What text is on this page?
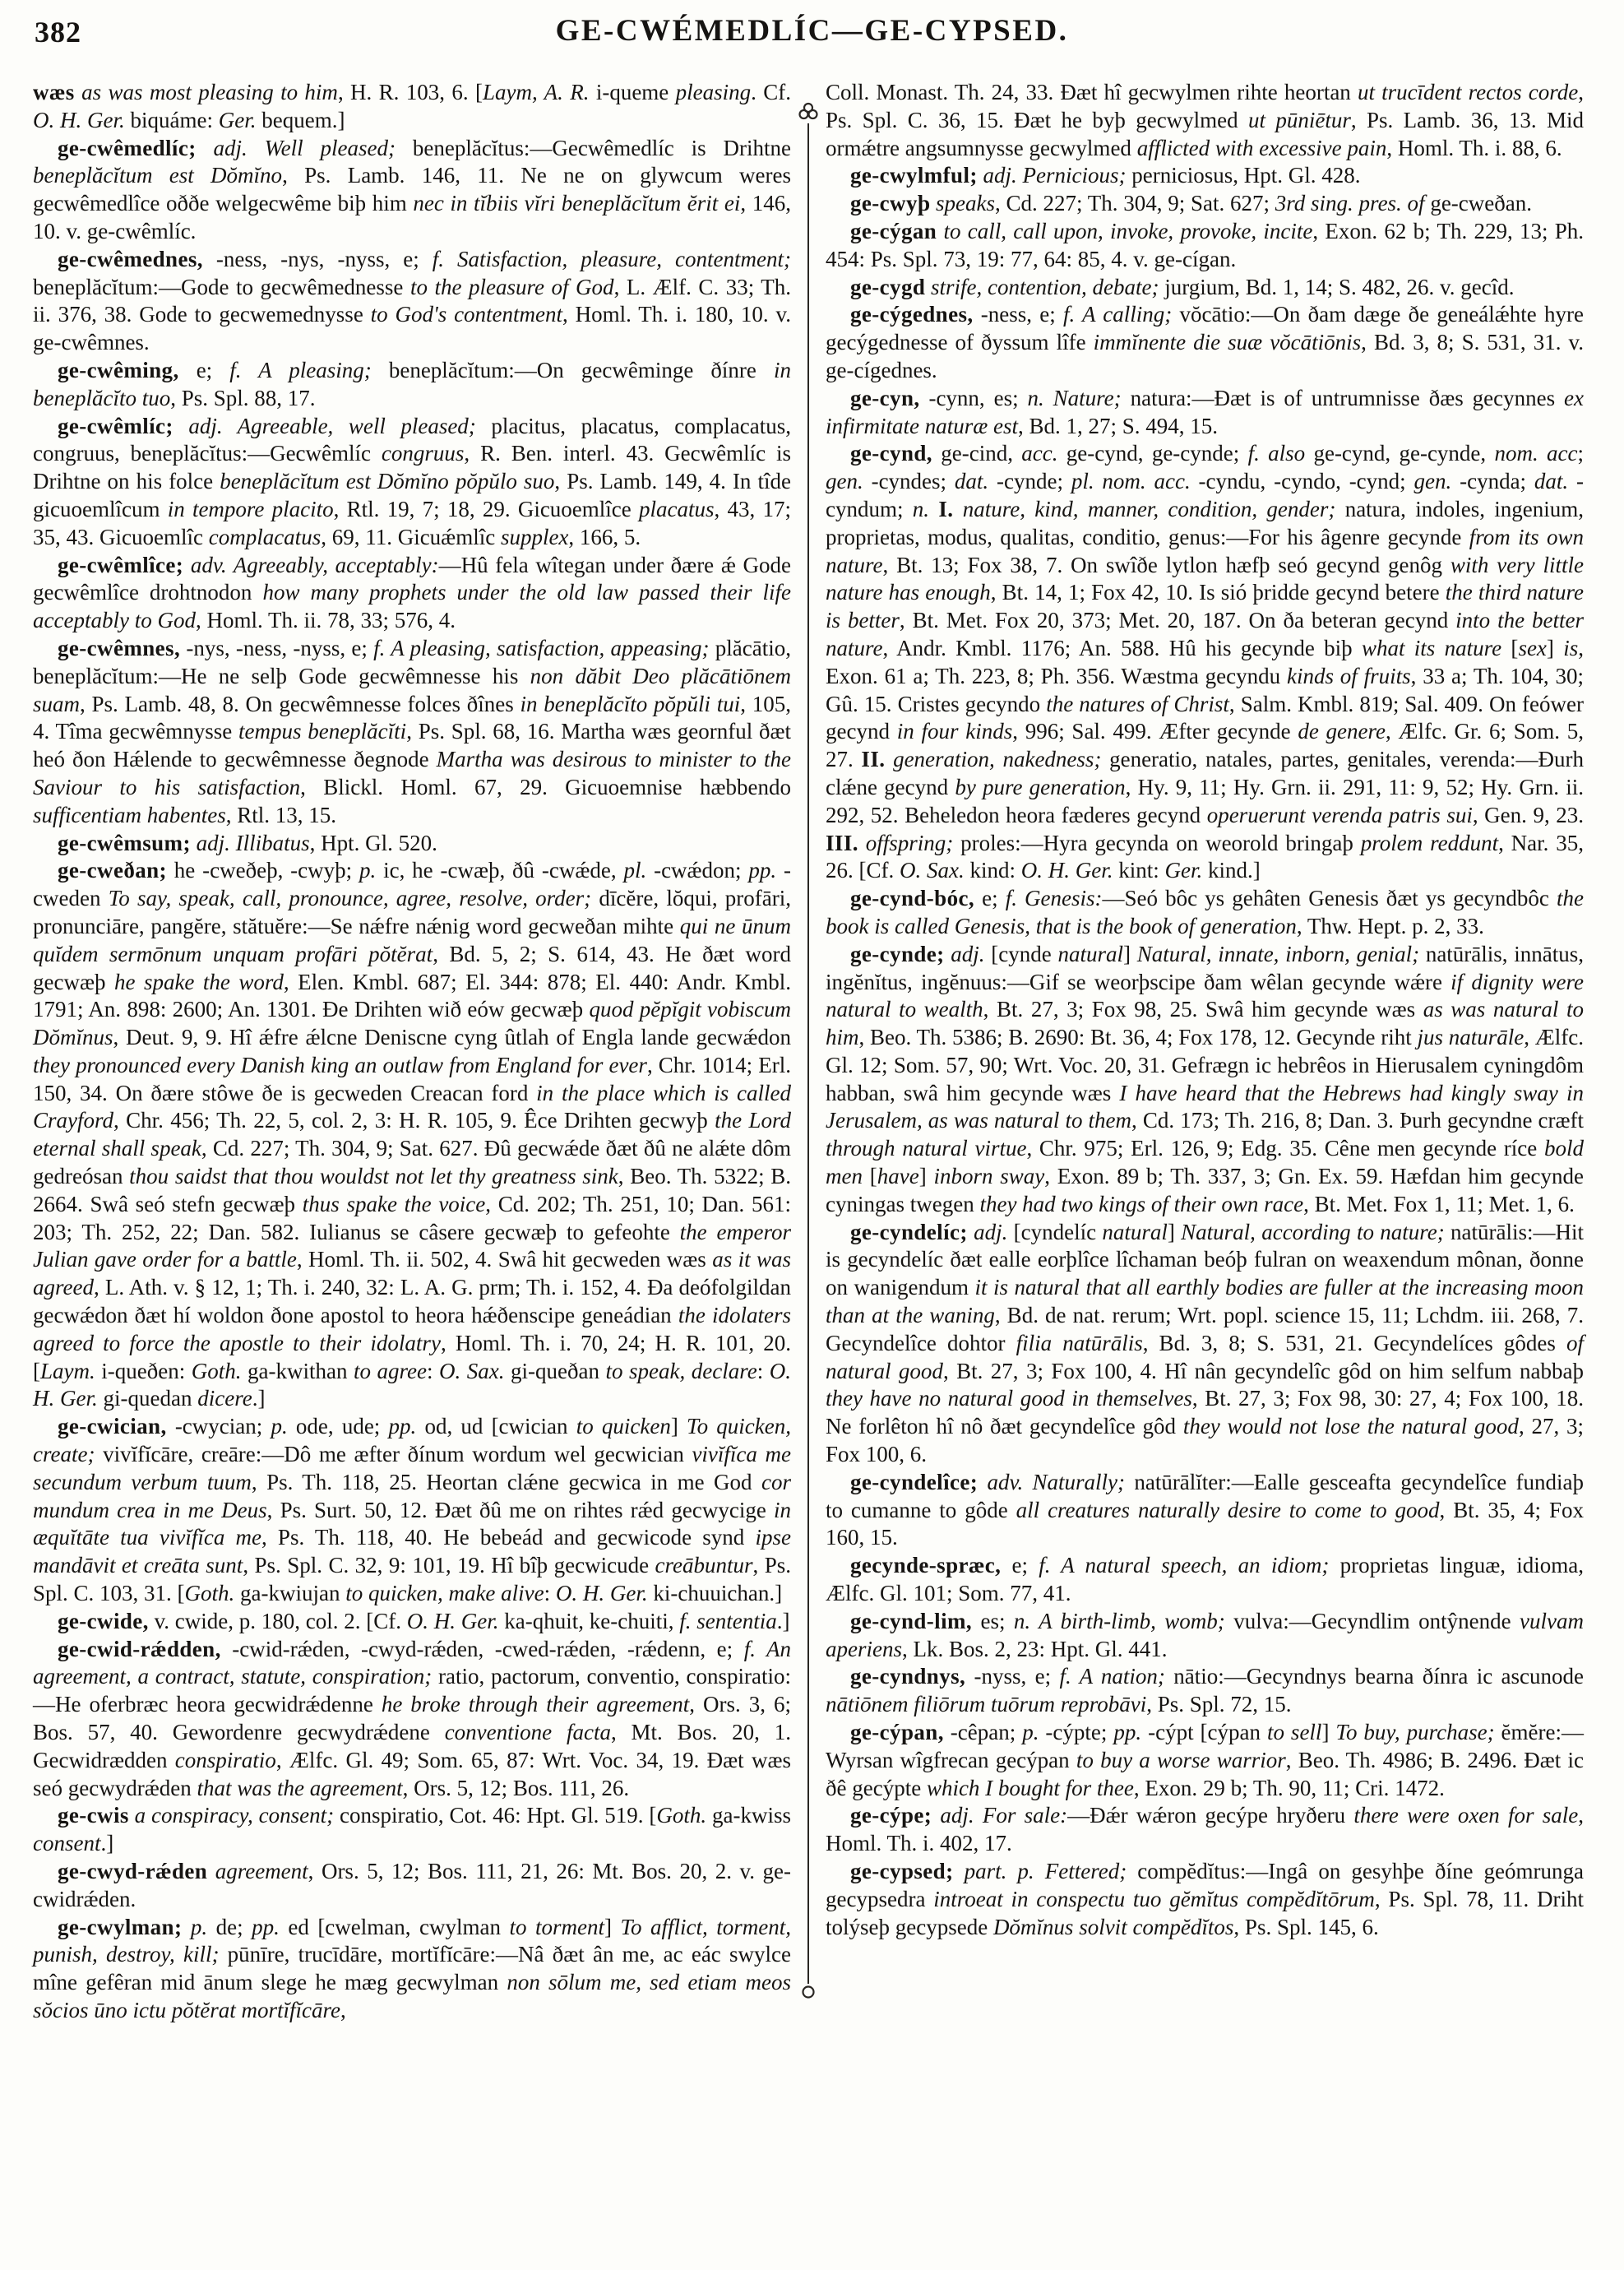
382	GE-CWÉMEDLÍC—GE-CYPSED.

wæs as was most pleasing to him, H. R. 103, 6. [Laym, A. R. i-queme pleasing. Cf. O. H. Ger. biquáme: Ger. bequem.]

ge-cwêmedlíc; adj. Well pleased; beneplăcĭtus:—Gecwêmedlíc is Drihtne beneplăcĭtum est Dŏmĭno, Ps. Lamb. 146, 11. Ne ne on glywcum weres gecwêmedlîce oððe welgecwême biþ him nec in tĭbiis vĭri beneplăcĭtum ĕrit ei, 146, 10. v. ge-cwêmlíc.

ge-cwêmednes, -ness, -nys, -nyss, e; f. Satisfaction, pleasure, contentment; beneplăcĭtum:—Gode to gecwêmednesse to the pleasure of God, L. Ælf. C. 33; Th. ii. 376, 38. Gode to gecwemednysse to God's contentment, Homl. Th. i. 180, 10. v. ge-cwêmnes.

ge-cwêming, e; f. A pleasing; beneplăcĭtum:—On gecwêminge ðínre in beneplăcĭto tuo, Ps. Spl. 88, 17.

ge-cwêmlíc; adj. Agreeable, well pleased; placitus, placatus, complacatus, congruus, beneplăcĭtus:—Gecwêmlíc congruus, R. Ben. interl. 43. Gecwêmlíc is Drihtne on his folce beneplăcĭtum est Dŏmĭno pŏpŭlo suo, Ps. Lamb. 149, 4. In tîde gicuoemlîcum in tempore placito, Rtl. 19, 7; 18, 29. Gicuoemlîce placatus, 43, 17; 35, 43. Gicuoemlîc complacatus, 69, 11. Gicuǽmlîc supplex, 166, 5.

ge-cwêmlîce; adv. Agreeably, acceptably:—Hû fela wîtegan under ðære ǽ Gode gecwêmlîce drohtnodon how many prophets under the old law passed their life acceptably to God, Homl. Th. ii. 78, 33; 576, 4.

ge-cwêmnes, -nys, -ness, -nyss, e; f. A pleasing, satisfaction, appeasing; plăcātio, beneplăcĭtum:—He ne selþ Gode gecwêmnesse his non dăbit Deo plăcātiōnem suam, Ps. Lamb. 48, 8. On gecwêmnesse folces ðînes in beneplăcĭto pŏpŭli tui, 105, 4. Tîma gecwêmnysse tempus beneplăcĭti, Ps. Spl. 68, 16. Martha wæs geornful ðæt heó ðon Hǽlende to gecwêmnesse ðegnode Martha was desirous to minister to the Saviour to his satisfaction, Blickl. Homl. 67, 29. Gicuoemnise hæbbendo sufficentiam habentes, Rtl. 13, 15.

ge-cwêmsum; adj. Illibatus, Hpt. Gl. 520.

ge-cweðan; he -cweðeþ, -cwyþ; p. ic, he -cwæþ, ðû -cwǽde, pl. -cwǽdon; pp. -cweden To say, speak, call, pronounce, agree, resolve, order; dīcĕre, lŏqui, profāri, pronunciāre, pangĕre, stătuĕre:—Se nǽfre nǽnig word gecweðan mihte qui ne ūnum quĭdem sermōnum unquam profāri pŏtĕrat, Bd. 5, 2; S. 614, 43. He ðæt word gecwæþ he spake the word, Elen. Kmbl. 687; El. 344: 878; El. 440: Andr. Kmbl. 1791; An. 898: 2600; An. 1301. Ðe Drihten wið eów gecwæþ quod pĕpĭgit vobiscum Dŏmĭnus, Deut. 9, 9. Hî ǽfre ǽlcne Deniscne cyng ûtlah of Engla lande gecwǽdon they pronounced every Danish king an outlaw from England for ever, Chr. 1014; Erl. 150, 34. On ðære stôwe ðe is gecweden Creacan ford in the place which is called Crayford, Chr. 456; Th. 22, 5, col. 2, 3: H. R. 105, 9. Êce Drihten gecwyþ the Lord eternal shall speak, Cd. 227; Th. 304, 9; Sat. 627. Ðû gecwǽde ðæt ðû ne alǽte dôm gedreósan thou saidst that thou wouldst not let thy greatness sink, Beo. Th. 5322; B. 2664. Swâ seó stefn gecwæþ thus spake the voice, Cd. 202; Th. 251, 10; Dan. 561: 203; Th. 252, 22; Dan. 582. Iulianus se câsere gecwæþ to gefeohte the emperor Julian gave order for a battle, Homl. Th. ii. 502, 4. Swâ hit gecweden wæs as it was agreed, L. Ath. v. § 12, 1; Th. i. 240, 32: L. A. G. prm; Th. i. 152, 4. Ða deófolgildan gecwǽdon ðæt hí woldon ðone apostol to heora hǽðenscipe geneádian the idolaters agreed to force the apostle to their idolatry, Homl. Th. i. 70, 24; H. R. 101, 20. [Laym. i-queðen: Goth. ga-kwithan to agree: O. Sax. gi-queðan to speak, declare: O. H. Ger. gi-quedan dicere.]

ge-cwician, -cwycian; p. ode, ude; pp. od, ud [cwician to quicken] To quicken, create; vivĭfĭcāre, creāre:—Dô me æfter ðínum wordum wel gecwician vivĭfĭca me secundum verbum tuum, Ps. Th. 118, 25. Heortan clǽne gecwica in me God cor mundum crea in me Deus, Ps. Surt. 50, 12. Ðæt ðû me on rihtes rǽd gecwycige in æquĭtāte tua vivĭfĭca me, Ps. Th. 118, 40. He bebeád and gecwicode synd ipse mandāvit et creāta sunt, Ps. Spl. C. 32, 9: 101, 19. Hî bîþ gecwicude creābuntur, Ps. Spl. C. 103, 31. [Goth. ga-kwiujan to quicken, make alive: O. H. Ger. ki-chuuichan.]

ge-cwide, v. cwide, p. 180, col. 2. [Cf. O. H. Ger. ka-qhuit, ke-chuiti, f. sententia.]

ge-cwid-rǽdden, -cwid-rǽden, -cwyd-rǽden, -cwed-rǽden, -rǽdenn, e; f. An agreement, a contract, statute, conspiration; ratio, pactorum, conventio, conspiratio:—He oferbræc heora gecwidrǽdenne he broke through their agreement, Ors. 3, 6; Bos. 57, 40. Gewordenre gecwydrǽdene conventione facta, Mt. Bos. 20, 1. Gecwidrædden conspiratio, Ælfc. Gl. 49; Som. 65, 87: Wrt. Voc. 34, 19. Ðæt wæs seó gecwydrǽden that was the agreement, Ors. 5, 12; Bos. 111, 26.

ge-cwis a conspiracy, consent; conspiratio, Cot. 46: Hpt. Gl. 519. [Goth. ga-kwiss consent.]

ge-cwyd-rǽden agreement, Ors. 5, 12; Bos. 111, 21, 26: Mt. Bos. 20, 2. v. ge-cwidrǽden.

ge-cwylman; p. de; pp. ed [cwelman, cwylman to torment] To afflict, torment, punish, destroy, kill; pūnīre, trucīdāre, mortĭfĭcāre:—Nâ ðæt ân me, ac eác swylce mîne gefêran mid ānum slege he mæg gecwylman non sōlum me, sed etiam meos sŏcios ūno ictu pŏtĕrat mortĭfĭcāre,

Coll. Monast. Th. 24, 33. Ðæt hî gecwylmen rihte heortan ut trucīdent rectos corde, Ps. Spl. C. 36, 15. Ðæt he byþ gecwylmed ut pūniētur, Ps. Lamb. 36, 13. Mid ormǽtre angsumnysse gecwylmed afflicted with excessive pain, Homl. Th. i. 88, 6.

ge-cwylmful; adj. Pernicious; perniciosus, Hpt. Gl. 428.

ge-cwyþ speaks, Cd. 227; Th. 304, 9; Sat. 627; 3rd sing. pres. of ge-cweðan.

ge-cýgan to call, call upon, invoke, provoke, incite, Exon. 62 b; Th. 229, 13; Ph. 454: Ps. Spl. 73, 19: 77, 64: 85, 4. v. ge-cígan.

ge-cygd strife, contention, debate; jurgium, Bd. 1, 14; S. 482, 26. v. gecîd.

ge-cýgednes, -ness, e; f. A calling; vŏcātio:—On ðam dæge ðe geneálǽhte hyre gecýgednesse of ðyssum lîfe immĭnente die suæ vŏcātiōnis, Bd. 3, 8; S. 531, 31. v. ge-cígednes.

ge-cyn, -cynn, es; n. Nature; natura:—Ðæt is of untrumnisse ðæs gecynnes ex infirmitate naturæ est, Bd. 1, 27; S. 494, 15.

ge-cynd, ge-cind, acc. ge-cynd, ge-cynde; f. also ge-cynd, ge-cynde, nom. acc; gen. -cyndes; dat. -cynde; pl. nom. acc. -cyndu, -cyndo, -cynd; gen. -cynda; dat. -cyndum; n. I. nature, kind, manner, condition, gender; natura, indoles, ingenium, proprietas, modus, qualitas, conditio, genus:—For his âgenre gecynde from its own nature, Bt. 13; Fox 38, 7. On swîðe lytlon hæfþ seó gecynd genôg with very little nature has enough, Bt. 14, 1; Fox 42, 10. Is sió þridde gecynd betere the third nature is better, Bt. Met. Fox 20, 373; Met. 20, 187. On ða beteran gecynd into the better nature, Andr. Kmbl. 1176; An. 588. Hû his gecynde biþ what its nature [sex] is, Exon. 61 a; Th. 223, 8; Ph. 356. Wæstma gecyndu kinds of fruits, 33 a; Th. 104, 30; Gû. 15. Cristes gecyndo the natures of Christ, Salm. Kmbl. 819; Sal. 409. On feówer gecynd in four kinds, 996; Sal. 499. Æfter gecynde de genere, Ælfc. Gr. 6; Som. 5, 27. II. generation, nakedness; generatio, natales, partes, genitales, verenda:—Ðurh clǽne gecynd by pure generation, Hy. 9, 11; Hy. Grn. ii. 291, 11: 9, 52; Hy. Grn. ii. 292, 52. Beheledon heora fæderes gecynd operuerunt verenda patris sui, Gen. 9, 23. III. offspring; proles:—Hyra gecynda on weorold bringaþ prolem reddunt, Nar. 35, 26. [Cf. O. Sax. kind: O. H. Ger. kint: Ger. kind.]

ge-cynd-bóc, e; f. Genesis:—Seó bôc ys gehâten Genesis ðæt ys gecyndbôc the book is called Genesis, that is the book of generation, Thw. Hept. p. 2, 33.

ge-cynde; adj. [cynde natural] Natural, innate, inborn, genial; natūrālis, innātus, ingĕnĭtus, ingĕnuus:—Gif se weorþscipe ðam wêlan gecynde wǽre if dignity were natural to wealth, Bt. 27, 3; Fox 98, 25. Swâ him gecynde wæs as was natural to him, Beo. Th. 5386; B. 2690: Bt. 36, 4; Fox 178, 12. Gecynde riht jus naturāle, Ælfc. Gl. 12; Som. 57, 90; Wrt. Voc. 20, 31. Gefrægn ic hebrêos in Hierusalem cyningdôm habban, swâ him gecynde wæs I have heard that the Hebrews had kingly sway in Jerusalem, as was natural to them, Cd. 173; Th. 216, 8; Dan. 3. Þurh gecyndne cræft through natural virtue, Chr. 975; Erl. 126, 9; Edg. 35. Cêne men gecynde ríce bold men [have] inborn sway, Exon. 89 b; Th. 337, 3; Gn. Ex. 59. Hæfdan him gecynde cyningas twegen they had two kings of their own race, Bt. Met. Fox 1, 11; Met. 1, 6.

ge-cyndelíc; adj. [cyndelíc natural] Natural, according to nature; natūrālis:—Hit is gecyndelíc ðæt ealle eorþlîce lîchaman beóþ fulran on weaxendum mônan, ðonne on wanigendum it is natural that all earthly bodies are fuller at the increasing moon than at the waning, Bd. de nat. rerum; Wrt. popl. science 15, 11; Lchdm. iii. 268, 7. Gecyndelîce dohtor filia natūrālis, Bd. 3, 8; S. 531, 21. Gecyndelíces gôdes of natural good, Bt. 27, 3; Fox 100, 4. Hî nân gecyndelîc gôd on him selfum nabbaþ they have no natural good in themselves, Bt. 27, 3; Fox 98, 30: 27, 4; Fox 100, 18. Ne forlêton hî nô ðæt gecyndelîce gôd they would not lose the natural good, 27, 3; Fox 100, 6.

ge-cyndelîce; adv. Naturally; natūrālĭter:—Ealle gesceafta gecyndelîce fundiaþ to cumanne to gôde all creatures naturally desire to come to good, Bt. 35, 4; Fox 160, 15.

gecynde-spræc, e; f. A natural speech, an idiom; proprietas linguæ, idioma, Ælfc. Gl. 101; Som. 77, 41.

ge-cynd-lim, es; n. A birth-limb, womb; vulva:—Gecyndlim ontŷnende vulvam aperiens, Lk. Bos. 2, 23: Hpt. Gl. 441.

ge-cyndnys, -nyss, e; f. A nation; nātio:—Gecyndnys bearna ðínra ic ascunode nātiōnem filiōrum tuōrum reprobāvi, Ps. Spl. 72, 15.

ge-cýpan, -cêpan; p. -cýpte; pp. -cýpt [cýpan to sell] To buy, purchase; ĕmĕre:—Wyrsan wîgfrecan gecýpan to buy a worse warrior, Beo. Th. 4986; B. 2496. Ðæt ic ðê gecýpte which I bought for thee, Exon. 29 b; Th. 90, 11; Cri. 1472.

ge-cýpe; adj. For sale:—Ðǽr wǽron gecýpe hryðeru there were oxen for sale, Homl. Th. i. 402, 17.

ge-cypsed; part. p. Fettered; compĕdĭtus:—Ingâ on gesyhþe ðíne geómrunga gecypsedra introeat in conspectu tuo gĕmĭtus compĕdĭtōrum, Ps. Spl. 78, 11. Driht tolýseþ gecypsede Dŏmĭnus solvit compĕdĭtos, Ps. Spl. 145, 6.
